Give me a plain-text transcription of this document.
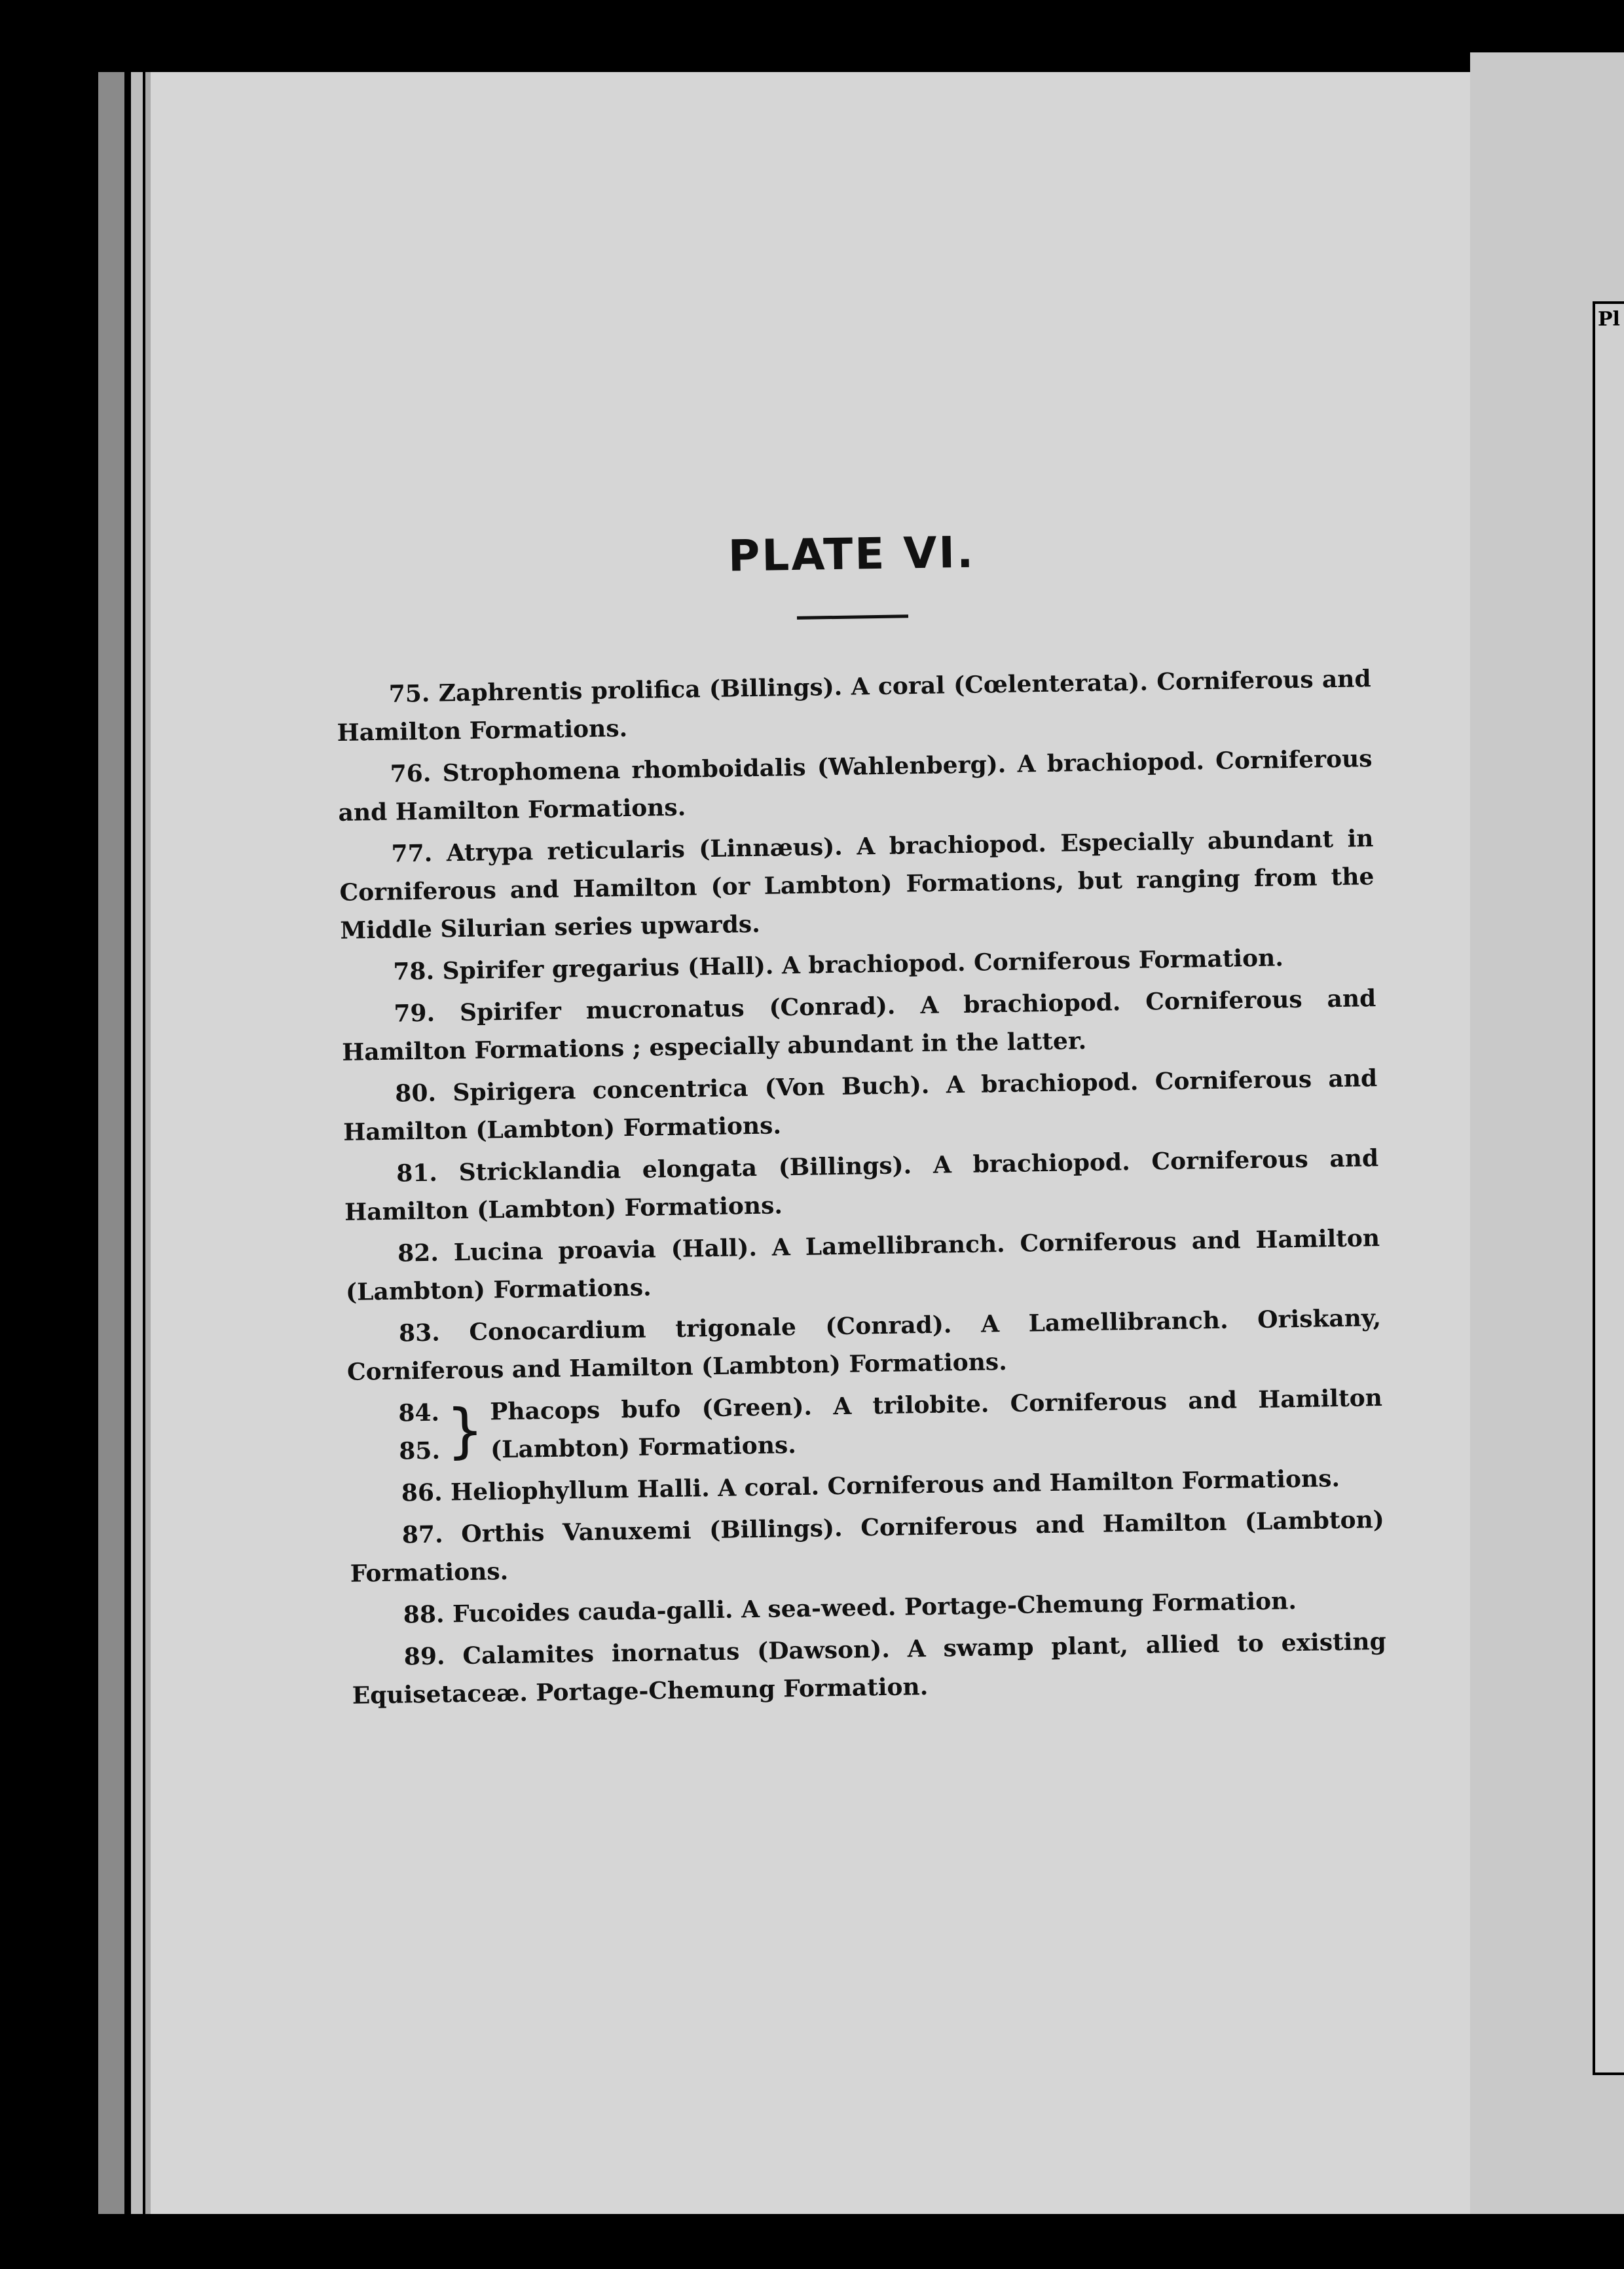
Pl
PLATE VI.
75. Zaphrentis prolifica (Billings). A coral (Cœlenterata). Corniferous and Hamilton Formations.
76. Strophomena rhomboidalis (Wahlenberg). A brachiopod. Corniferous and Hamilton Formations.
77. Atrypa reticularis (Linnæus). A brachiopod. Especially abundant in Corniferous and Hamilton (or Lambton) Formations, but ranging from the Middle Silurian series upwards.
78. Spirifer gregarius (Hall). A brachiopod. Corniferous Formation.
79. Spirifer mucronatus (Conrad). A brachiopod. Corniferous and Hamilton Formations ; especially abundant in the latter.
80. Spirigera concentrica (Von Buch). A brachiopod. Corniferous and Hamilton (Lambton) Formations.
81. Stricklandia elongata (Billings). A brachiopod. Corniferous and Hamilton (Lambton) Formations.
82. Lucina proavia (Hall). A Lamellibranch. Corniferous and Hamilton (Lambton) Formations.
83. Conocardium trigonale (Conrad). A Lamellibranch. Oriskany, Corniferous and Hamilton (Lambton) Formations.
84.
85. } Phacops bufo (Green). A trilobite. Corniferous and Hamilton (Lambton) Formations.
86. Heliophyllum Halli. A coral. Corniferous and Hamilton Formations.
87. Orthis Vanuxemi (Billings). Corniferous and Hamilton (Lambton) Formations.
88. Fucoides cauda-galli. A sea-weed. Portage-Chemung Formation.
89. Calamites inornatus (Dawson). A swamp plant, allied to existing Equisetaceæ. Portage-Chemung Formation.
